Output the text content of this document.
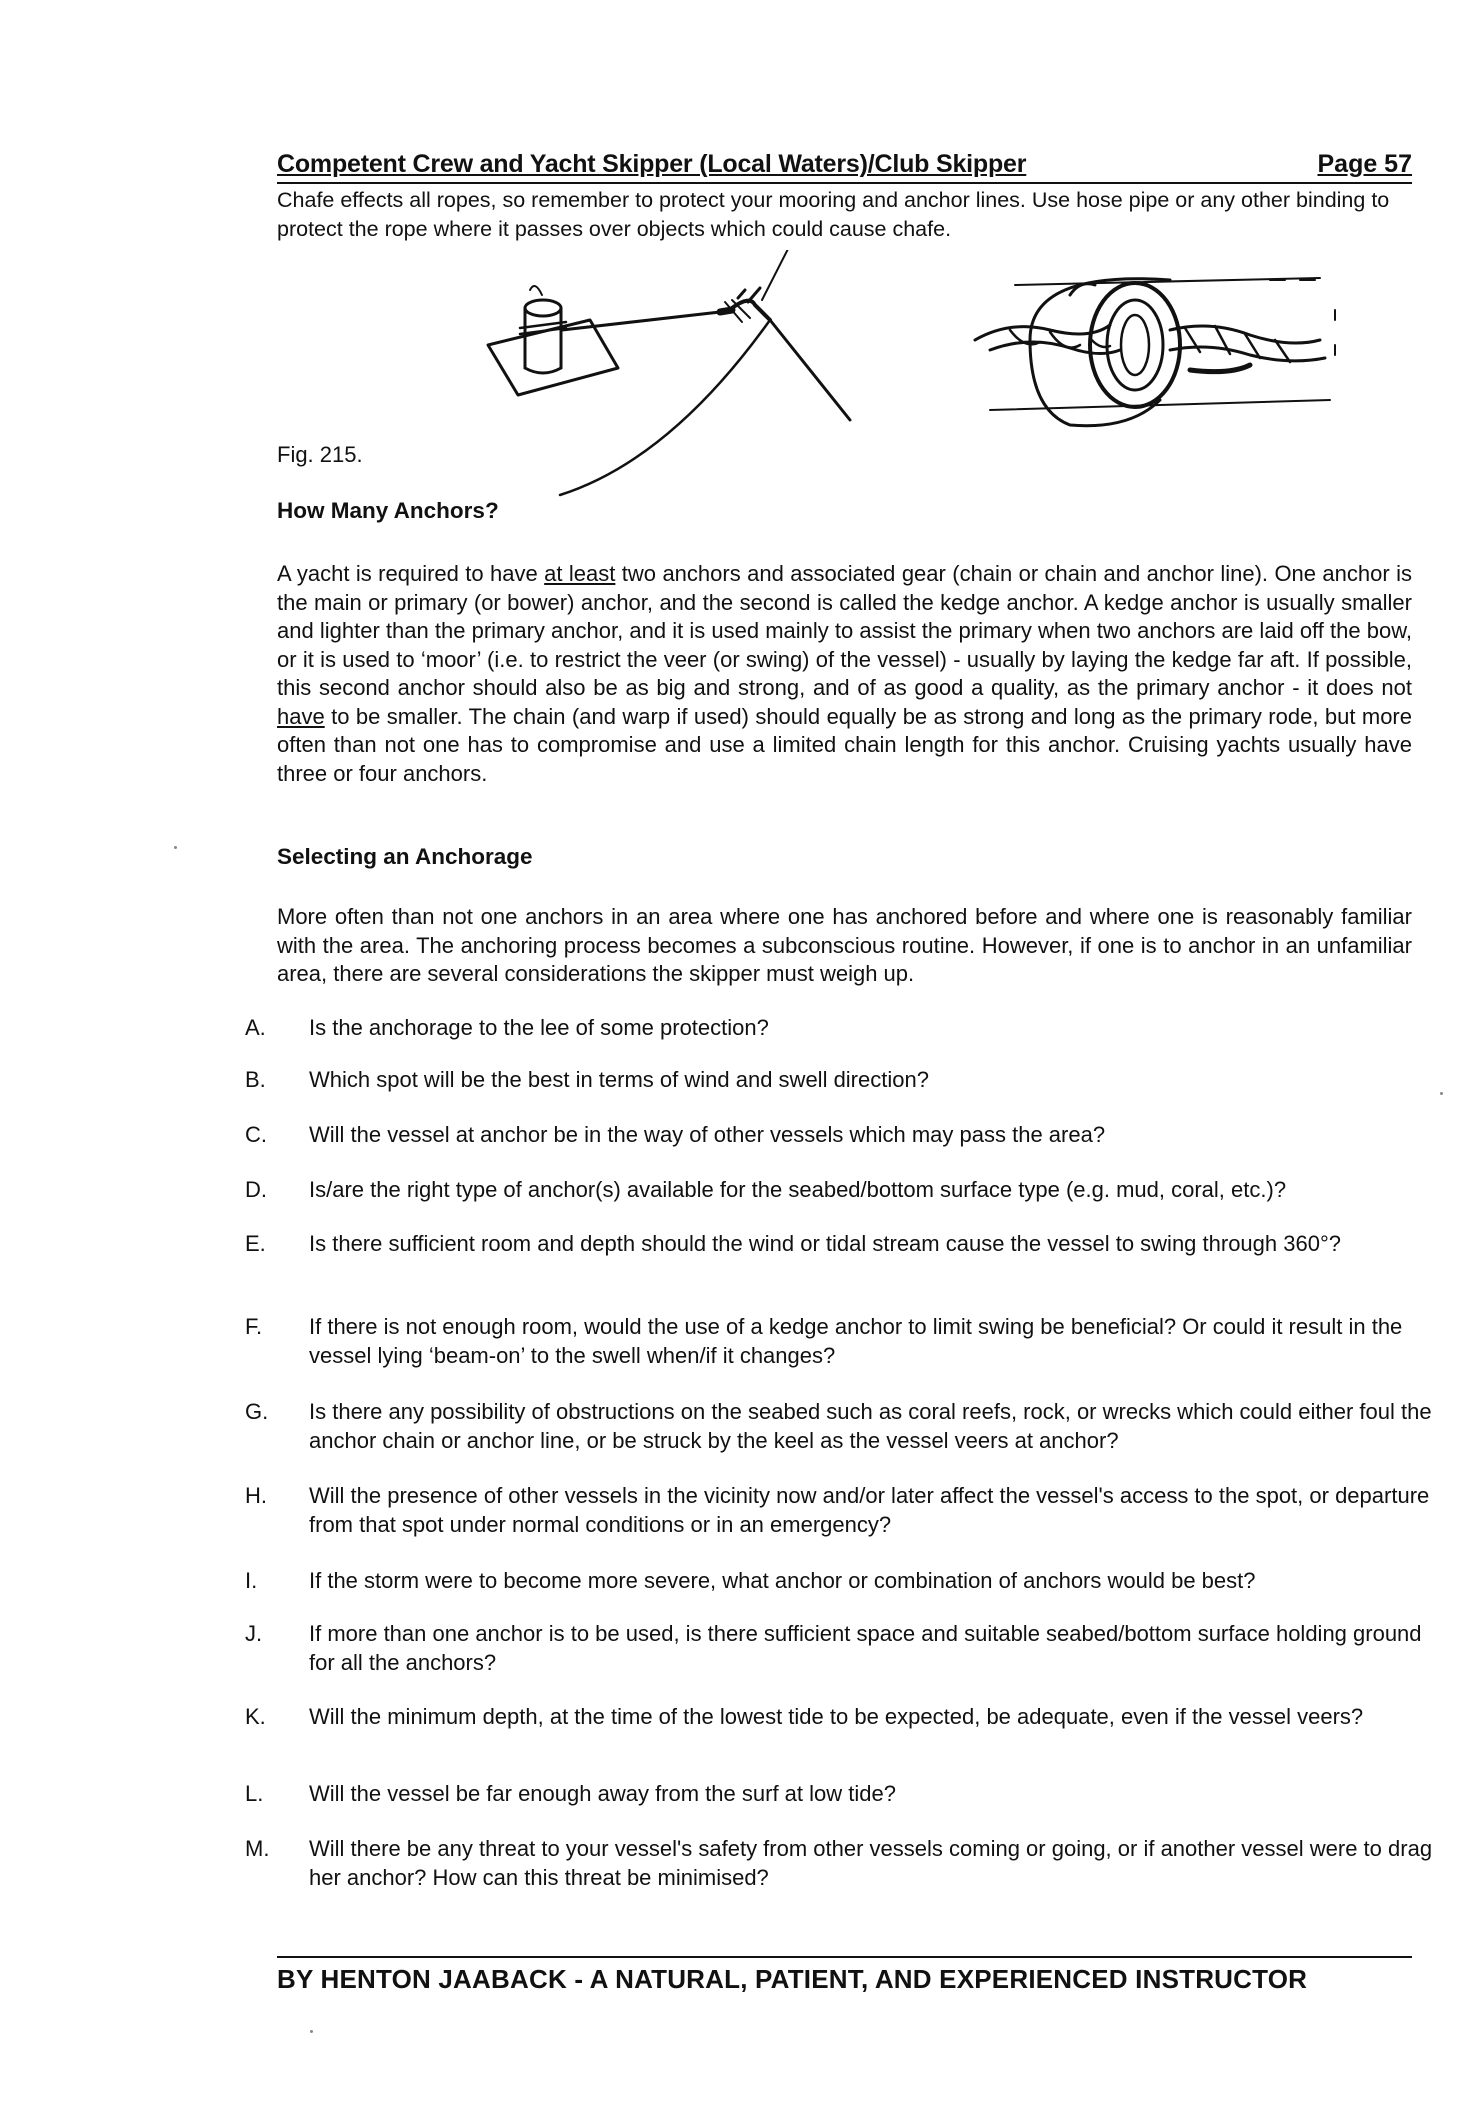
Competent Crew and Yacht Skipper (Local Waters)/Club Skipper	Page 57
Chafe effects all ropes, so remember to protect your mooring and anchor lines. Use hose pipe or any other binding to protect the rope where it passes over objects which could cause chafe.
Fig. 215.
How Many Anchors?
A yacht is required to have at least two anchors and associated gear (chain or chain and anchor line). One anchor is the main or primary (or bower) anchor, and the second is called the kedge anchor. A kedge anchor is usually smaller and lighter than the primary anchor, and it is used mainly to assist the primary when two anchors are laid off the bow, or it is used to ‘moor’ (i.e. to restrict the veer (or swing) of the vessel) - usually by laying the kedge far aft. If possible, this second anchor should also be as big and strong, and of as good a quality, as the primary anchor - it does not have to be smaller. The chain (and warp if used) should equally be as strong and long as the primary rode, but more often than not one has to compromise and use a limited chain length for this anchor. Cruising yachts usually have three or four anchors.
Selecting an Anchorage
More often than not one anchors in an area where one has anchored before and where one is reasonably familiar with the area. The anchoring process becomes a subconscious routine. However, if one is to anchor in an unfamiliar area, there are several considerations the skipper must weigh up.
A. Is the anchorage to the lee of some protection?
B. Which spot will be the best in terms of wind and swell direction?
C. Will the vessel at anchor be in the way of other vessels which may pass the area?
D. Is/are the right type of anchor(s) available for the seabed/bottom surface type (e.g. mud, coral, etc.)?
E. Is there sufficient room and depth should the wind or tidal stream cause the vessel to swing through 360°?
F. If there is not enough room, would the use of a kedge anchor to limit swing be beneficial? Or could it result in the vessel lying ‘beam-on’ to the swell when/if it changes?
G. Is there any possibility of obstructions on the seabed such as coral reefs, rock, or wrecks which could either foul the anchor chain or anchor line, or be struck by the keel as the vessel veers at anchor?
H. Will the presence of other vessels in the vicinity now and/or later affect the vessel's access to the spot, or departure from that spot under normal conditions or in an emergency?
I. If the storm were to become more severe, what anchor or combination of anchors would be best?
J. If more than one anchor is to be used, is there sufficient space and suitable seabed/bottom surface holding ground for all the anchors?
K. Will the minimum depth, at the time of the lowest tide to be expected, be adequate, even if the vessel veers?
L. Will the vessel be far enough away from the surf at low tide?
M. Will there be any threat to your vessel's safety from other vessels coming or going, or if another vessel were to drag her anchor? How can this threat be minimised?
BY HENTON JAABACK - A NATURAL, PATIENT, AND EXPERIENCED INSTRUCTOR
